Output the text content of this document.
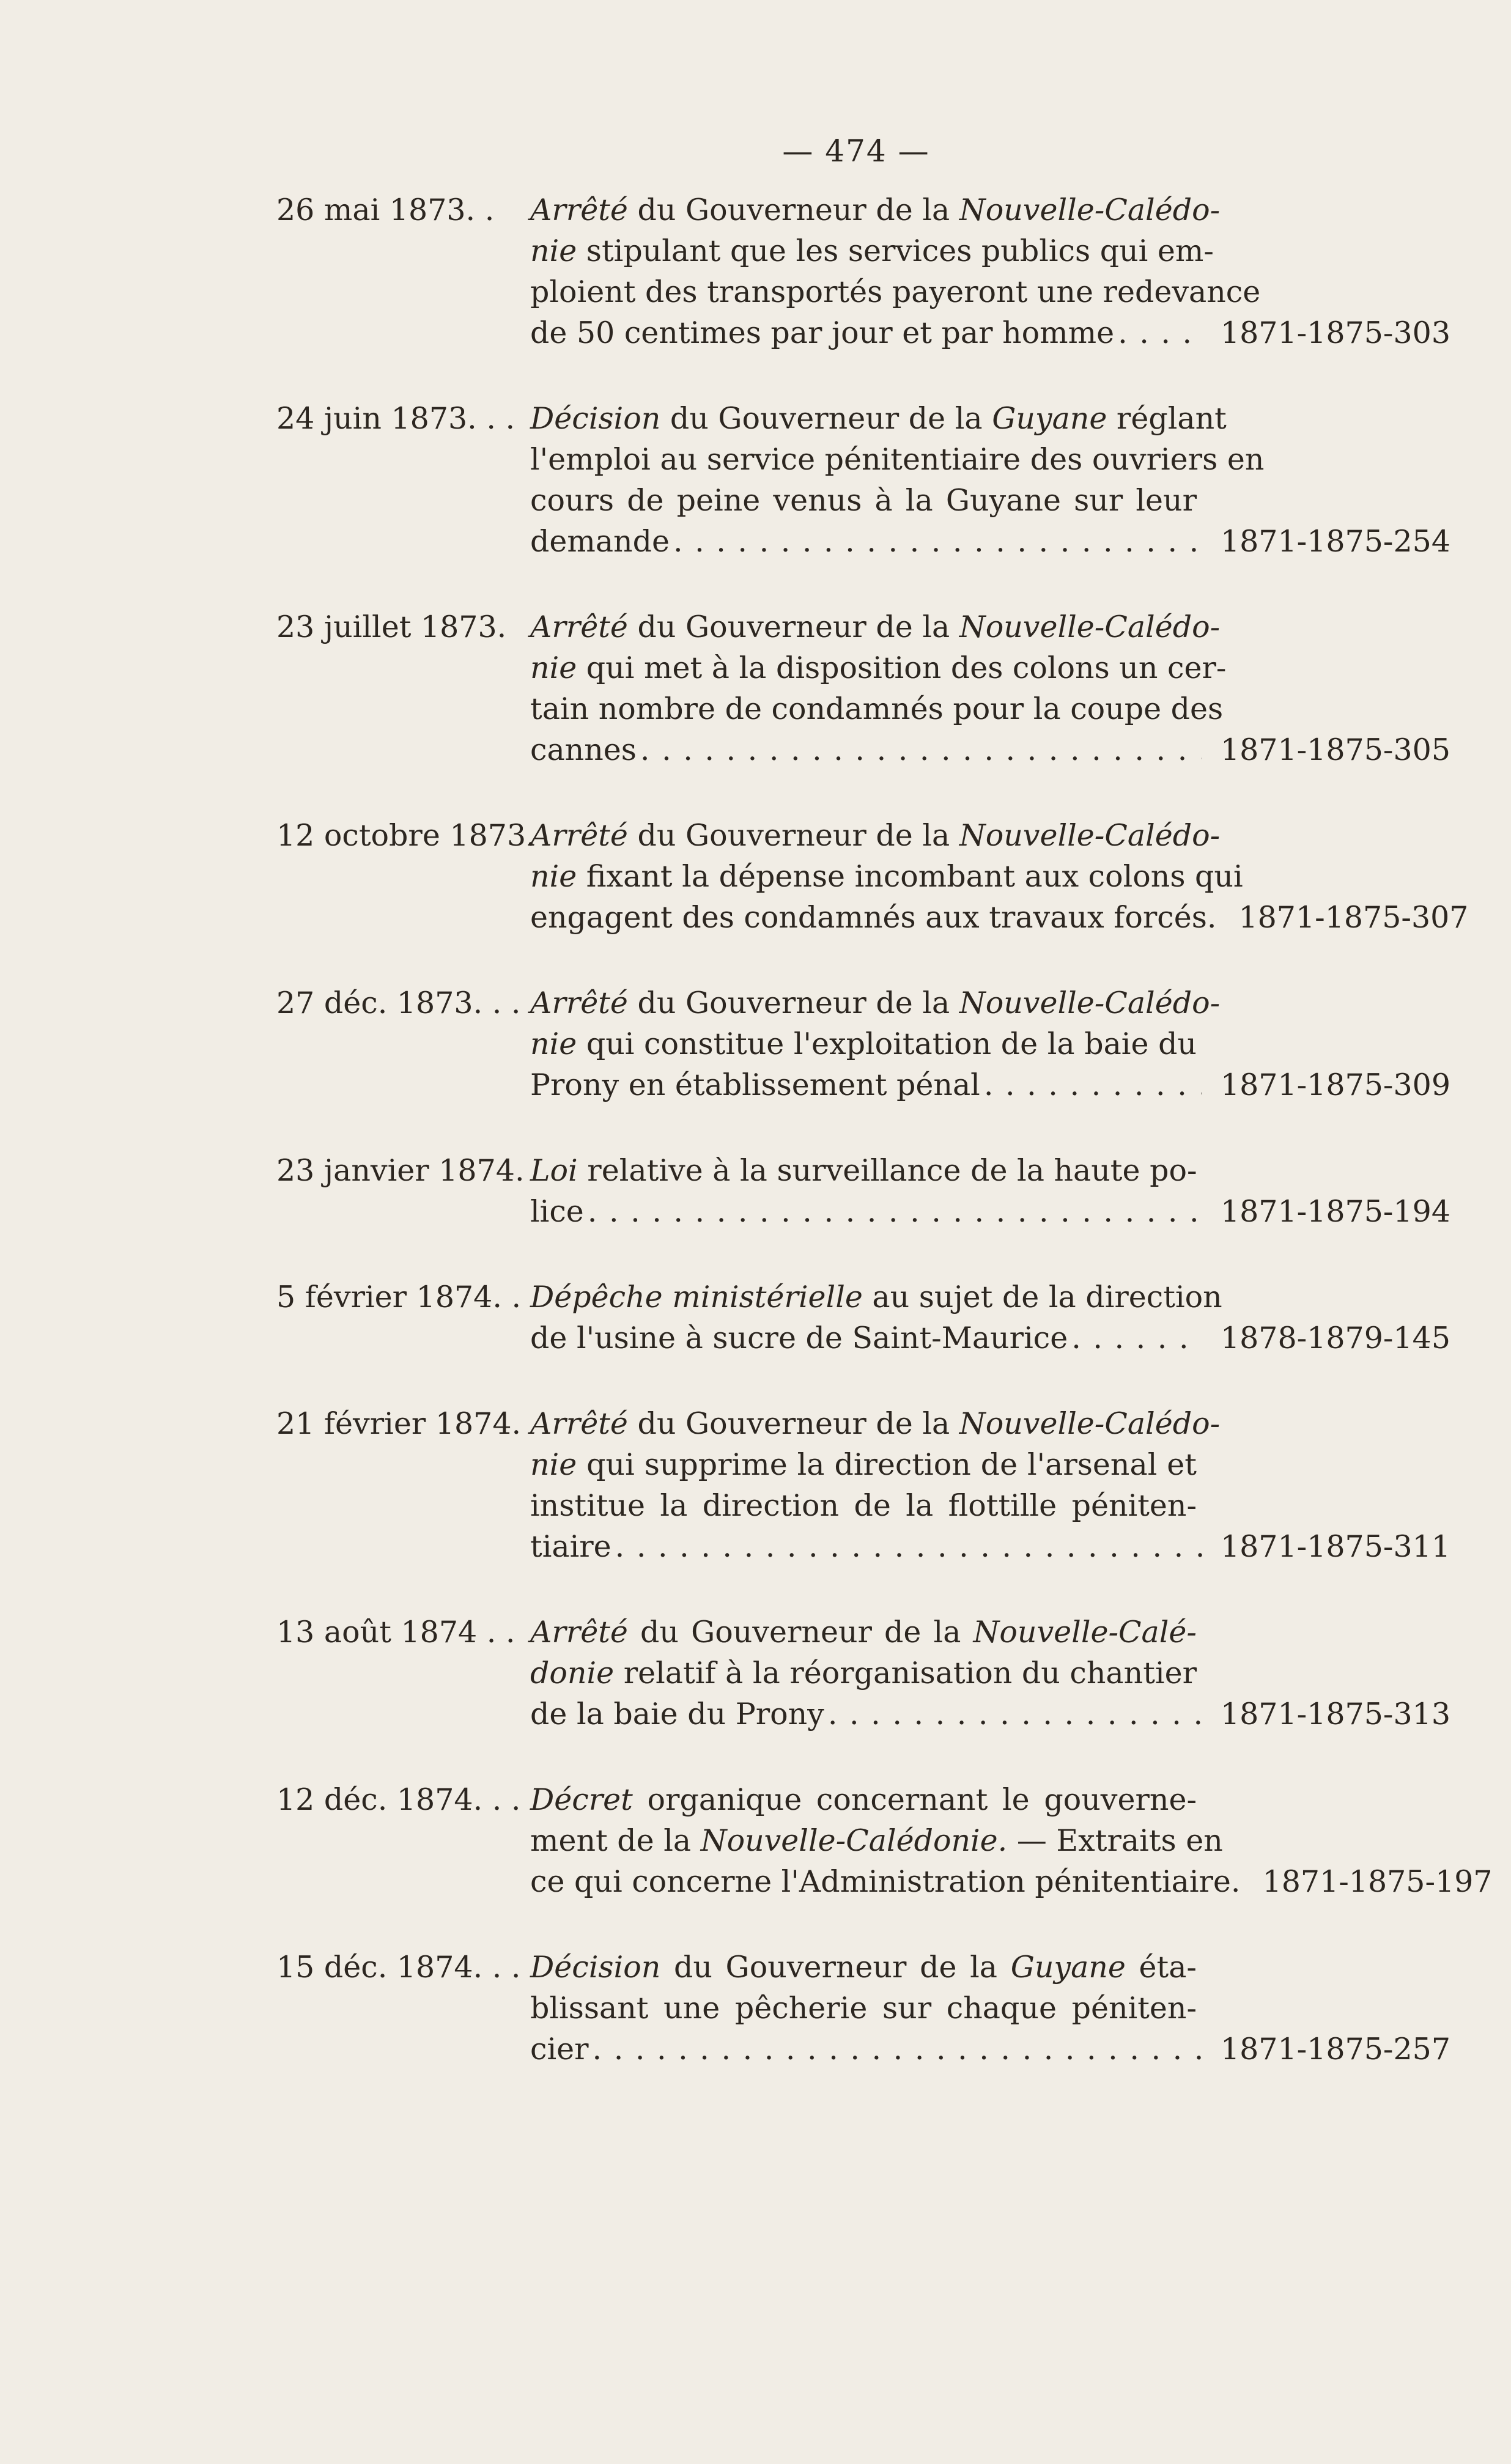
— 474 —
26 mai 1873. .	Arrêté du Gouverneur de la Nouvelle-Calédo-
nie stipulant que les services publics qui em-
ploient des transportés payeront une redevance
de 50 centimes par jour et par homme . . .	1871-1875-303
24 juin 1873. . . Décision du Gouverneur de la Guyane réglant
l'emploi au service pénitentiaire des ouvriers en
cours de peine venus à la Guyane sur leur
demande . . .	1871-1875-254
23 juillet 1873. Arrêté du Gouverneur de la Nouvelle-Calédo-
nie qui met à la disposition des colons un cer-
tain nombre de condamnés pour la coupe des
cannes . . .	1871-1875-305
12 octobre 1873.
Arrêté du Gouverneur de la Nouvelle-Calédo-
nie fixant la dépense incombant aux colons qui
engagent des condamnés aux travaux forcés. 1871-1875-307
27 déc. 1873. . . Arrêté du Gouverneur de la Nouvelle-Calédo-
nie qui constitue l'exploitation de la baie du
Prony en établissement pénal . . .	1871-1875-309
23 janvier 1874. Loi relative à la surveillance de la haute po-
lice . . .	1871-1875-194
5 février 1874. . Dépêche ministérielle au sujet de la direction
de l'usine à sucre de Saint-Maurice . . .	1878-1879-145
21 février 1874. Arrêté du Gouverneur de la Nouvelle-Calédo-
nie qui supprime la direction de l'arsenal et
institue la direction de la flottille péniten-
tiaire . . .	1871-1875-311
13 août 1874 . . Arrêté du Gouverneur de la Nouvelle-Calé-
donie relatif à la réorganisation du chantier
de la baie du Prony . . .	1871-1875-313
12 déc. 1874. . . Décret organique concernant le gouverne-
ment de la Nouvelle-Calédonie. — Extraits en
ce qui concerne l'Administration pénitentiaire. 1871-1875-197
15 déc. 1874. . . Décision du Gouverneur de la Guyane éta-
blissant une pêcherie sur chaque péniten-
cier . . .	1871-1875-257
